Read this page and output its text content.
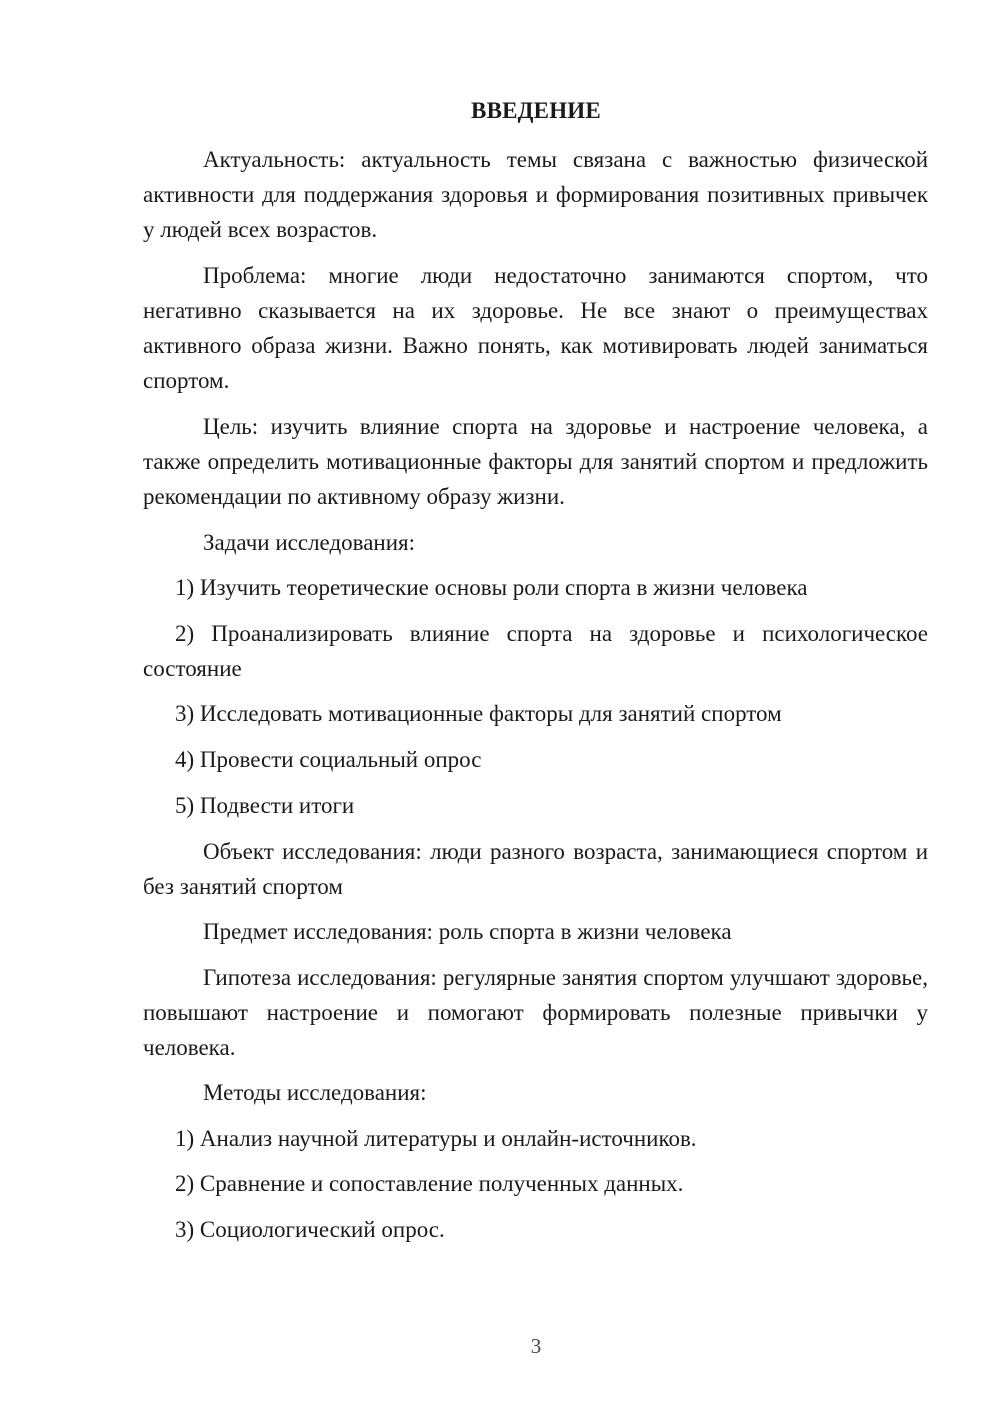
ВВЕДЕНИЕ
Актуальность: актуальность темы связана с важностью физической активности для поддержания здоровья и формирования позитивных привычек у людей всех возрастов.
Проблема: многие люди недостаточно занимаются спортом, что негативно сказывается на их здоровье. Не все знают о преимуществах активного образа жизни. Важно понять, как мотивировать людей заниматься спортом.
Цель: изучить влияние спорта на здоровье и настроение человека, а также определить мотивационные факторы для занятий спортом и предложить рекомендации по активному образу жизни.
Задачи исследования:
1) Изучить теоретические основы роли спорта в жизни человека
2) Проанализировать влияние спорта на здоровье и психологическое состояние
3) Исследовать мотивационные факторы для занятий спортом
4) Провести социальный опрос
5) Подвести итоги
Объект исследования: люди разного возраста, занимающиеся спортом и без занятий спортом
Предмет исследования: роль спорта в жизни человека
Гипотеза исследования: регулярные занятия спортом улучшают здоровье, повышают настроение и помогают формировать полезные привычки у человека.
Методы исследования:
1) Анализ научной литературы и онлайн-источников.
2) Сравнение и сопоставление полученных данных.
3) Социологический опрос.
3
